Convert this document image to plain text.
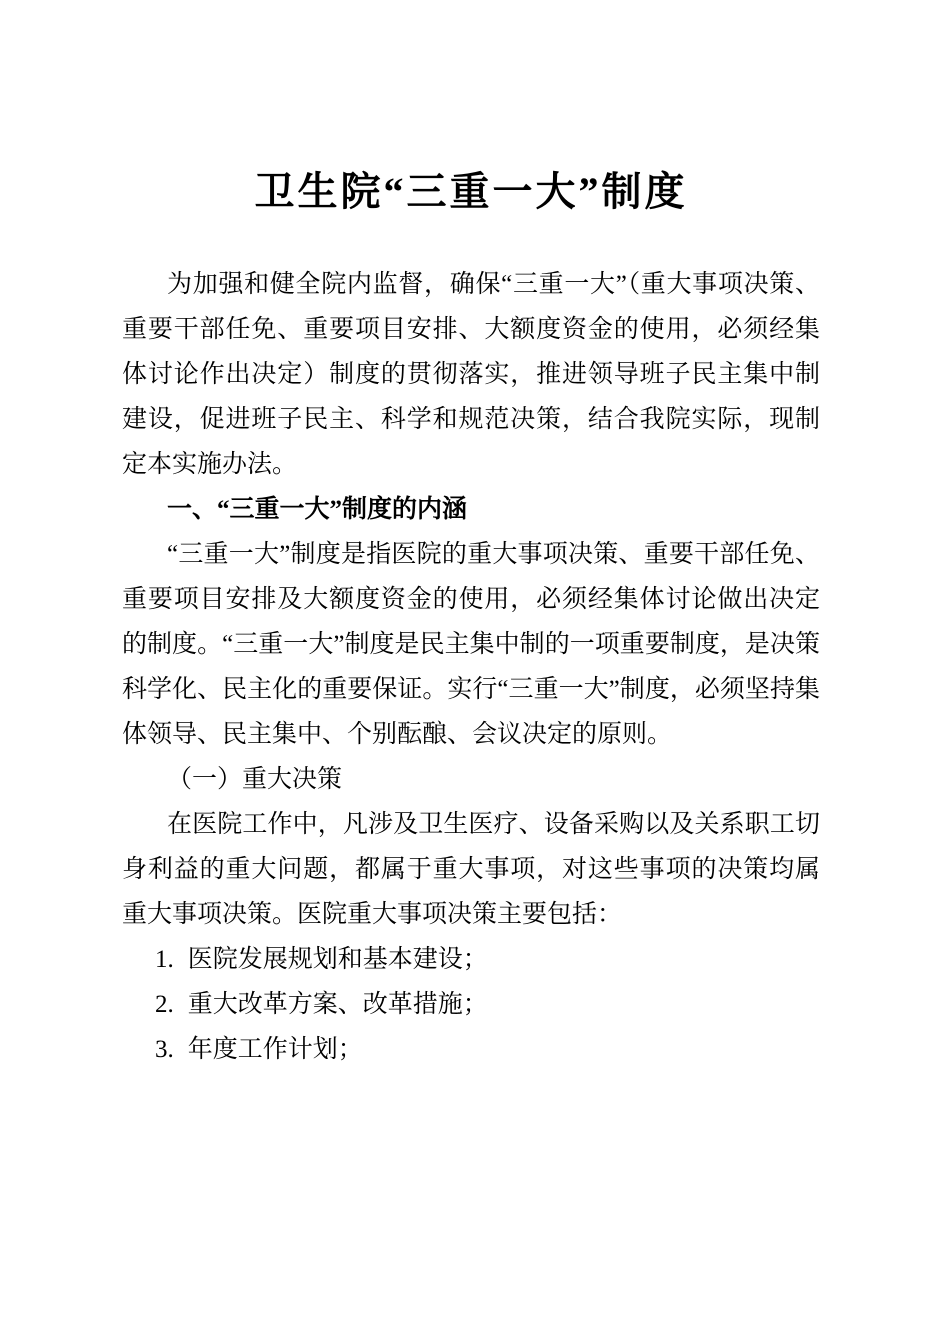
卫生院“三重一大”制度

为加强和健全院内监督，确保“三重一大”（重大事项决策、重要干部任免、重要项目安排、大额度资金的使用，必须经集体讨论作出决定）制度的贯彻落实，推进领导班子民主集中制建设，促进班子民主、科学和规范决策，结合我院实际，现制定本实施办法。

一、“三重一大”制度的内涵

“三重一大”制度是指医院的重大事项决策、重要干部任免、重要项目安排及大额度资金的使用，必须经集体讨论做出决定的制度。“三重一大”制度是民主集中制的一项重要制度，是决策科学化、民主化的重要保证。实行“三重一大”制度，必须坚持集体领导、民主集中、个别酝酿、会议决定的原则。

（一）重大决策

在医院工作中，凡涉及卫生医疗、设备采购以及关系职工切身利益的重大问题，都属于重大事项，对这些事项的决策均属重大事项决策。医院重大事项决策主要包括：

1. 医院发展规划和基本建设；
2. 重大改革方案、改革措施；
3. 年度工作计划；
